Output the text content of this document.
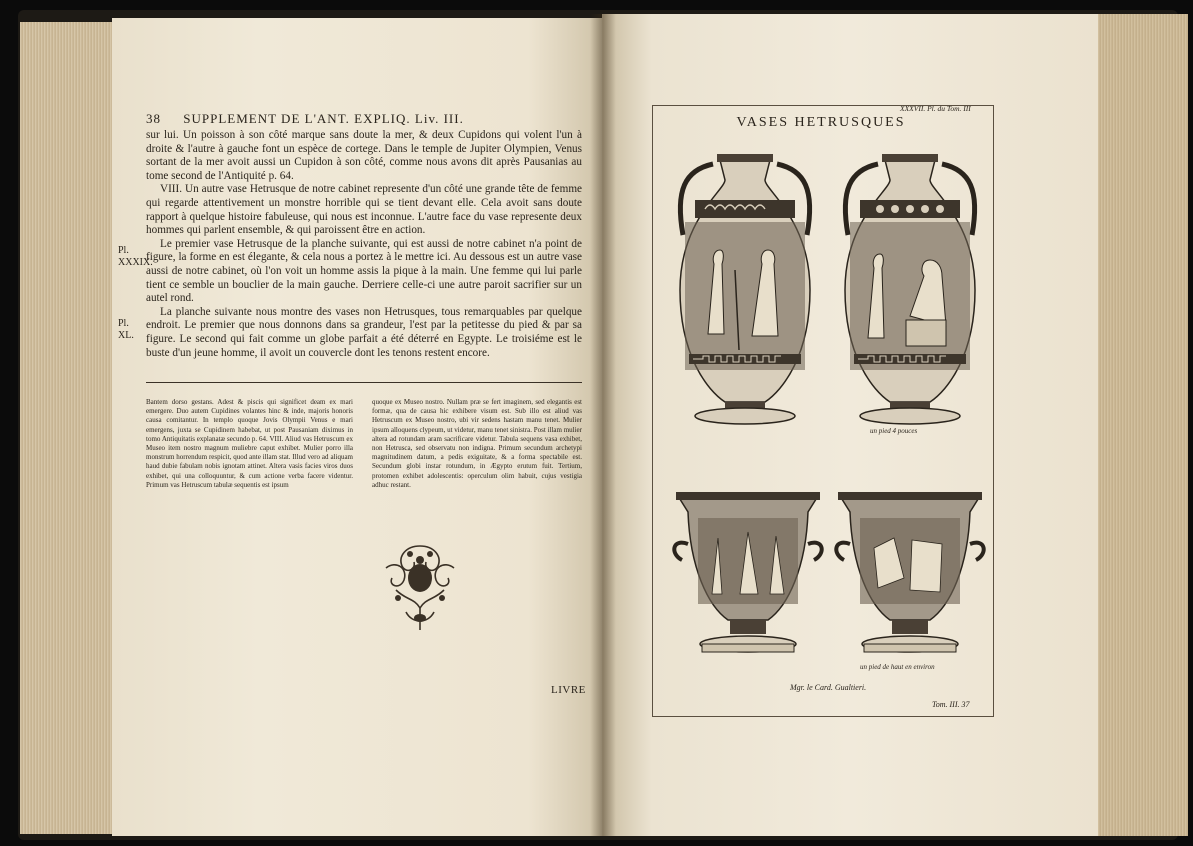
38 SUPPLEMENT DE L'ANT. EXPLIQ. Liv. III.

sur lui. Un poisson à son côté marque sans doute la mer, & deux Cupidons qui volent l'un à droite & l'autre à gauche font un espèce de cortege. Dans le temple de Jupiter Olympien, Venus sortant de la mer avoit aussi un Cupidon à son côté, comme nous avons dit après Pausanias au tome second de l'Antiquité p. 64.

VIII. Un autre vase Hetrusque de notre cabinet represente d'un côté une grande tête de femme qui regarde attentivement un monstre horrible qui se tient devant elle. Cela avoit sans doute rapport à quelque histoire fabuleuse, qui nous est inconnue. L'autre face du vase represente deux hommes qui parlent ensemble, & qui paroissent être en action.

Le premier vase Hetrusque de la planche suivante, qui est aussi de notre cabinet n'a point de figure, la forme en est élegante, & cela nous a portez à le mettre ici. Au dessous est un autre vase aussi de notre cabinet, où l'on voit un homme assis la pique à la main. Une femme qui lui parle tient ce semble un bouclier de la main gauche. Derriere celle-ci une autre paroit sacrifier sur un autel rond.

La planche suivante nous montre des vases non Hetrusques, tous remarquables par quelque endroit. Le premier que nous donnons dans sa grandeur, l'est par la petitesse du pied & par sa figure. Le second qui fait comme un globe parfait a été déterré en Egypte. Le troisiéme est le buste d'un jeune homme, il avoit un couvercle dont les tenons restent encore.

Pl.
XXXIX.
Pl.
XL.

Bantem dorso gestans. Adest & piscis qui significet deam ex mari emergere. Duo autem Cupidines volantes hinc & inde, majoris honoris causa comitantur. In templo quoque Jovis Olympii Venus e mari emergens, juxta se Cupidinem habebat, ut post Pausaniam diximus in tomo Antiquitatis explanatæ secundo p. 64. VIII. Aliud vas Hetruscum ex Museo item nostro magnum muliebre caput exhibet. Mulier porro illa monstrum horrendum respicit, quod ante illam stat. Illud vero ad aliquam haud dubie fabulam nobis ignotam attinet. Altera vasis facies viros duos exhibet, qui una colloquuntur, & cum actione verba facere videntur. Primum vas Hetruscum tabulæ sequentis est ipsum

quoque ex Museo nostro. Nullam præ se fert imaginem, sed elegantis est formæ, qua de causa hic exhibere visum est. Sub illo est aliud vas Hetruscum ex Museo nostro, ubi vir sedens hastam manu tenet. Mulier ipsum alloquens clypeum, ut videtur, manu tenet sinistra. Post illam mulier altera ad rotundam aram sacrificare videtur. Tabula sequens vasa exhibet, non Hetrusca, sed observatu non indigna. Primum secundum archetypi magnitudinem datum, a pedis exiguitate, & a forma spectabile est. Secundum globi instar rotundum, in Ægypto erutum fuit. Tertium, protomen exhibet adolescentis: operculum olim habuit, cujus vestigia adhuc restant.

LIVRE
XXXVII. Pl. du Tom. III
VASES HETRUSQUES
un pied 4 pouces
un pied de haut en environ
Mgr. le Card. Gualtieri.
Tom. III. 37
